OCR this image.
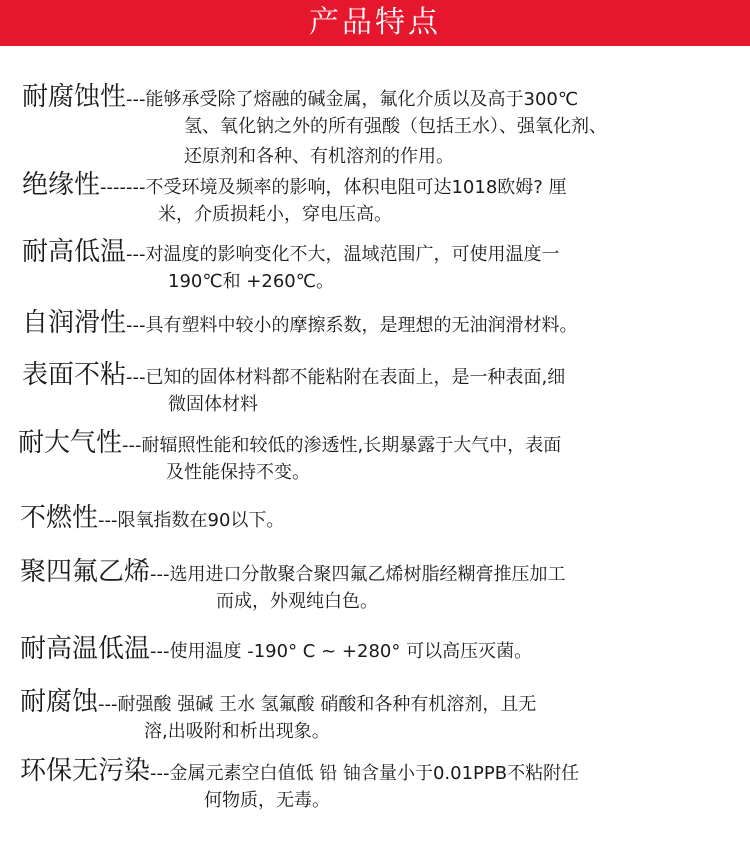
产品特点
耐腐蚀性---能够承受除了熔融的碱金属，氟化介质以及高于300℃
氢、氧化钠之外的所有强酸（包括王水）、强氧化剂、
还原剂和各种、有机溶剂的作用。
绝缘性-------不受环境及频率的影响，体积电阻可达1018欧姆? 厘
米，介质损耗小，穿电压高。
耐高低温---对温度的影响变化不大，温域范围广，可使用温度一
190℃和 +260℃。
自润滑性---具有塑料中较小的摩擦系数，是理想的无油润滑材料。
表面不粘---已知的固体材料都不能粘附在表面上，是一种表面,细
微固体材料
耐大气性---耐辐照性能和较低的渗透性,长期暴露于大气中，表面
及性能保持不变。
不燃性---限氧指数在90以下。
聚四氟乙烯---选用进口分散聚合聚四氟乙烯树脂经糊膏推压加工
而成，外观纯白色。
耐高温低温---使用温度 -190° C ~ +280° 可以高压灭菌。
耐腐蚀---耐强酸 强碱 王水 氢氟酸 硝酸和各种有机溶剂，且无
溶,出吸附和析出现象。
环保无污染---金属元素空白值低 铅 铀含量小于0.01PPB不粘附任
何物质，无毒。
